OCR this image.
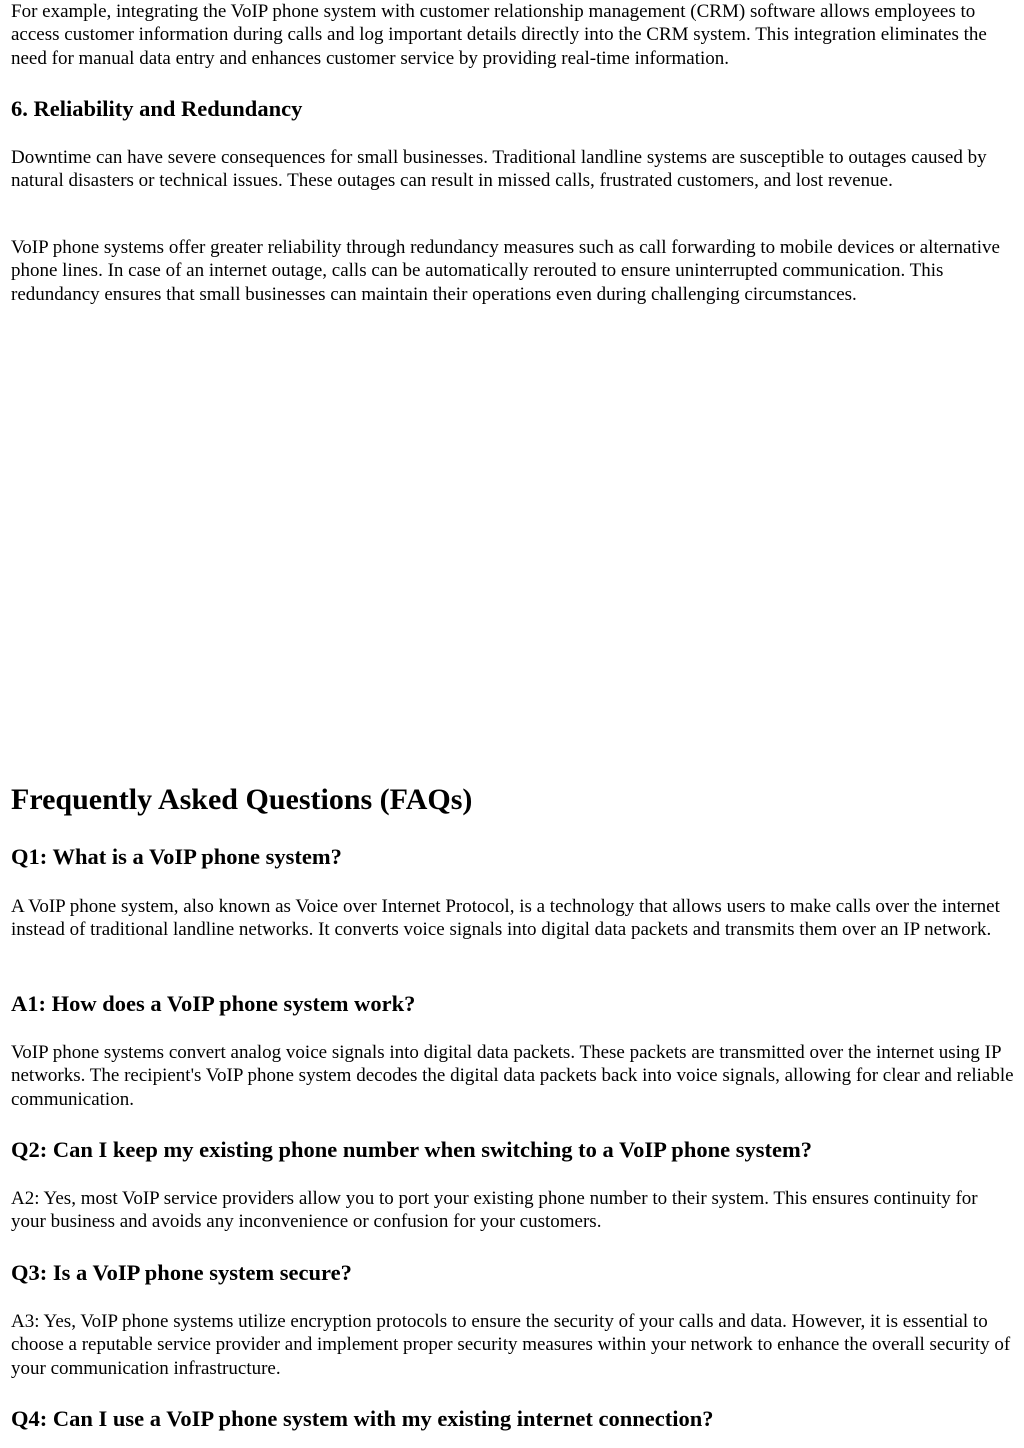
For example, integrating the VoIP phone system with customer relationship management (CRM) software allows employees to access customer information during calls and log important details directly into the CRM system. This integration eliminates the need for manual data entry and enhances customer service by providing real-time information.

6. Reliability and Redundancy

Downtime can have severe consequences for small businesses. Traditional landline systems are susceptible to outages caused by natural disasters or technical issues. These outages can result in missed calls, frustrated customers, and lost revenue.

VoIP phone systems offer greater reliability through redundancy measures such as call forwarding to mobile devices or alternative phone lines. In case of an internet outage, calls can be automatically rerouted to ensure uninterrupted communication. This redundancy ensures that small businesses can maintain their operations even during challenging circumstances.

Frequently Asked Questions (FAQs)
Q1: What is a VoIP phone system?

A VoIP phone system, also known as Voice over Internet Protocol, is a technology that allows users to make calls over the internet instead of traditional landline networks. It converts voice signals into digital data packets and transmits them over an IP network.

A1: How does a VoIP phone system work?

VoIP phone systems convert analog voice signals into digital data packets. These packets are transmitted over the internet using IP networks. The recipient's VoIP phone system decodes the digital data packets back into voice signals, allowing for clear and reliable communication.

Q2: Can I keep my existing phone number when switching to a VoIP phone system?

A2: Yes, most VoIP service providers allow you to port your existing phone number to their system. This ensures continuity for your business and avoids any inconvenience or confusion for your customers.

Q3: Is a VoIP phone system secure?

A3: Yes, VoIP phone systems utilize encryption protocols to ensure the security of your calls and data. However, it is essential to choose a reputable service provider and implement proper security measures within your network to enhance the overall security of your communication infrastructure.

Q4: Can I use a VoIP phone system with my existing internet connection?
